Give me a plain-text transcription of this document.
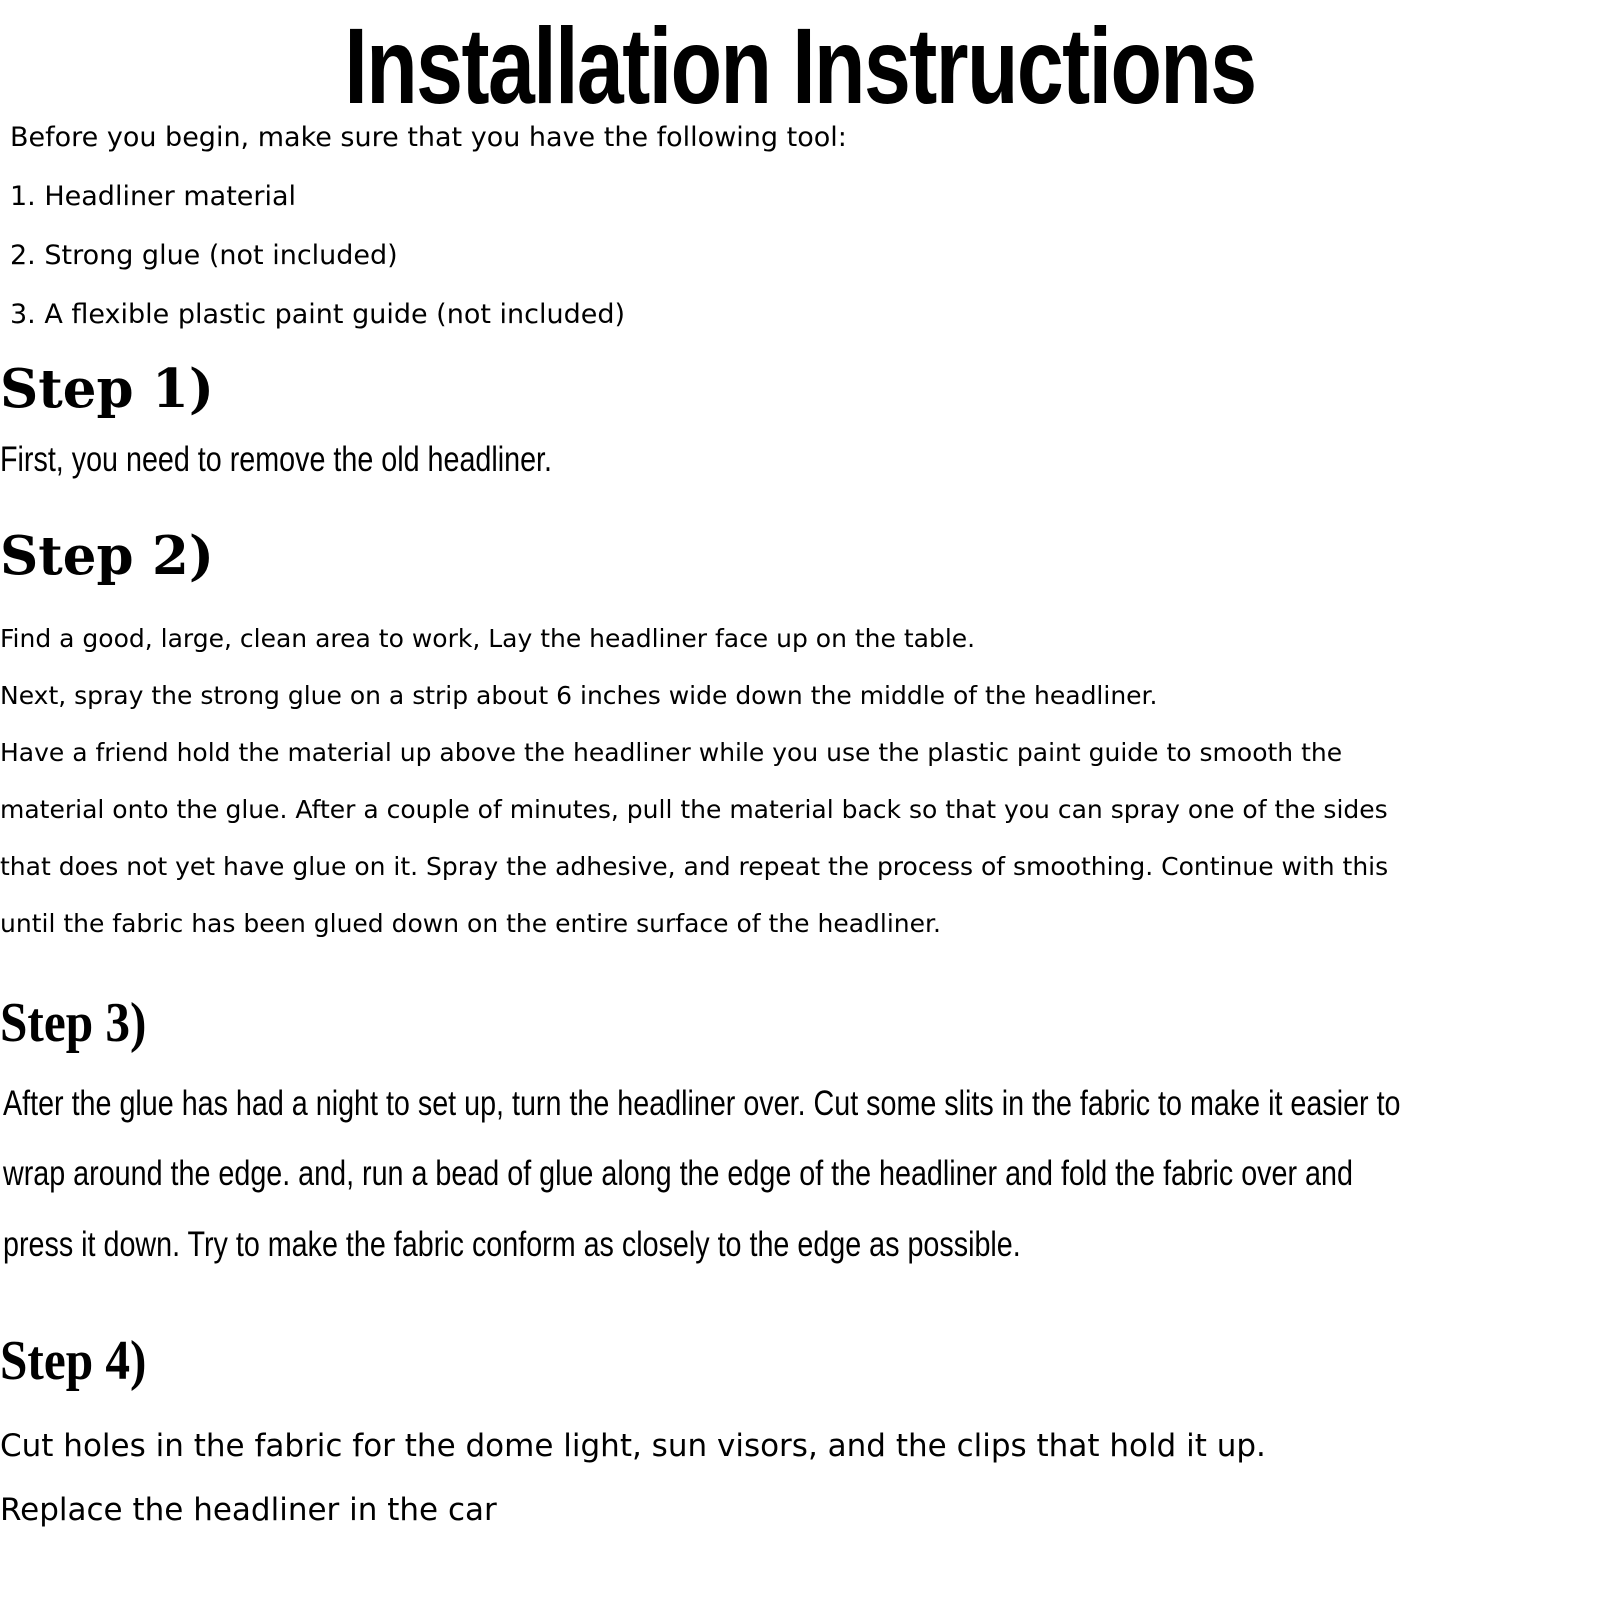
Installation Instructions
Before you begin, make sure that you have the following tool:
1. Headliner material
2. Strong glue (not included)
3. A flexible plastic paint guide (not included)
Step 1)
First, you need to remove the old headliner.
Step 2)
Find a good, large, clean area to work, Lay the headliner face up on the table.
Next, spray the strong glue on a strip about 6 inches wide down the middle of the headliner.
Have a friend hold the material up above the headliner while you use the plastic paint guide to smooth the
material onto the glue. After a couple of minutes, pull the material back so that you can spray one of the sides
that does not yet have glue on it. Spray the adhesive, and repeat the process of smoothing. Continue with this
until the fabric has been glued down on the entire surface of the headliner.
Step 3)
After the glue has had a night to set up, turn the headliner over. Cut some slits in the fabric to make it easier to
wrap around the edge. and, run a bead of glue along the edge of the headliner and fold the fabric over and
press it down. Try to make the fabric conform as closely to the edge as possible.
Step 4)
Cut holes in the fabric for the dome light, sun visors, and the clips that hold it up.
Replace the headliner in the car
